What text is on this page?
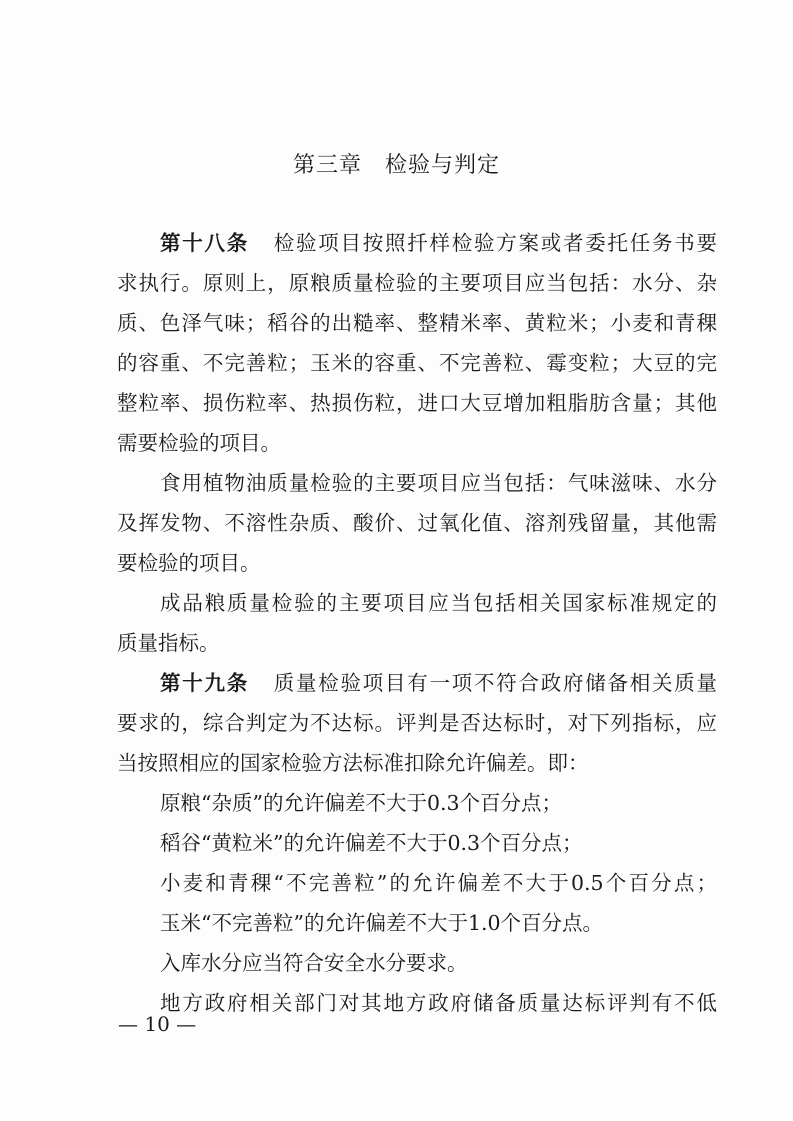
第三章　检验与判定
第十八条 检验项目按照扦样检验方案或者委托任务书要
求执行。原则上，原粮质量检验的主要项目应当包括：水分、杂
质、色泽气味；稻谷的出糙率、整精米率、黄粒米；小麦和青稞
的容重、不完善粒；玉米的容重、不完善粒、霉变粒；大豆的完
整粒率、损伤粒率、热损伤粒，进口大豆增加粗脂肪含量；其他
需要检验的项目。
食用植物油质量检验的主要项目应当包括：气味滋味、水分
及挥发物、不溶性杂质、酸价、过氧化值、溶剂残留量，其他需
要检验的项目。
成品粮质量检验的主要项目应当包括相关国家标准规定的
质量指标。
第十九条 质量检验项目有一项不符合政府储备相关质量
要求的，综合判定为不达标。评判是否达标时，对下列指标，应
当按照相应的国家检验方法标准扣除允许偏差。即：
原粮“杂质”的允许偏差不大于0.3个百分点；
稻谷“黄粒米”的允许偏差不大于0.3个百分点；
小麦和青稞“不完善粒”的允许偏差不大于0.5个百分点；
玉米“不完善粒”的允许偏差不大于1.0个百分点。
入库水分应当符合安全水分要求。
地方政府相关部门对其地方政府储备质量达标评判有不低
— 10 —
